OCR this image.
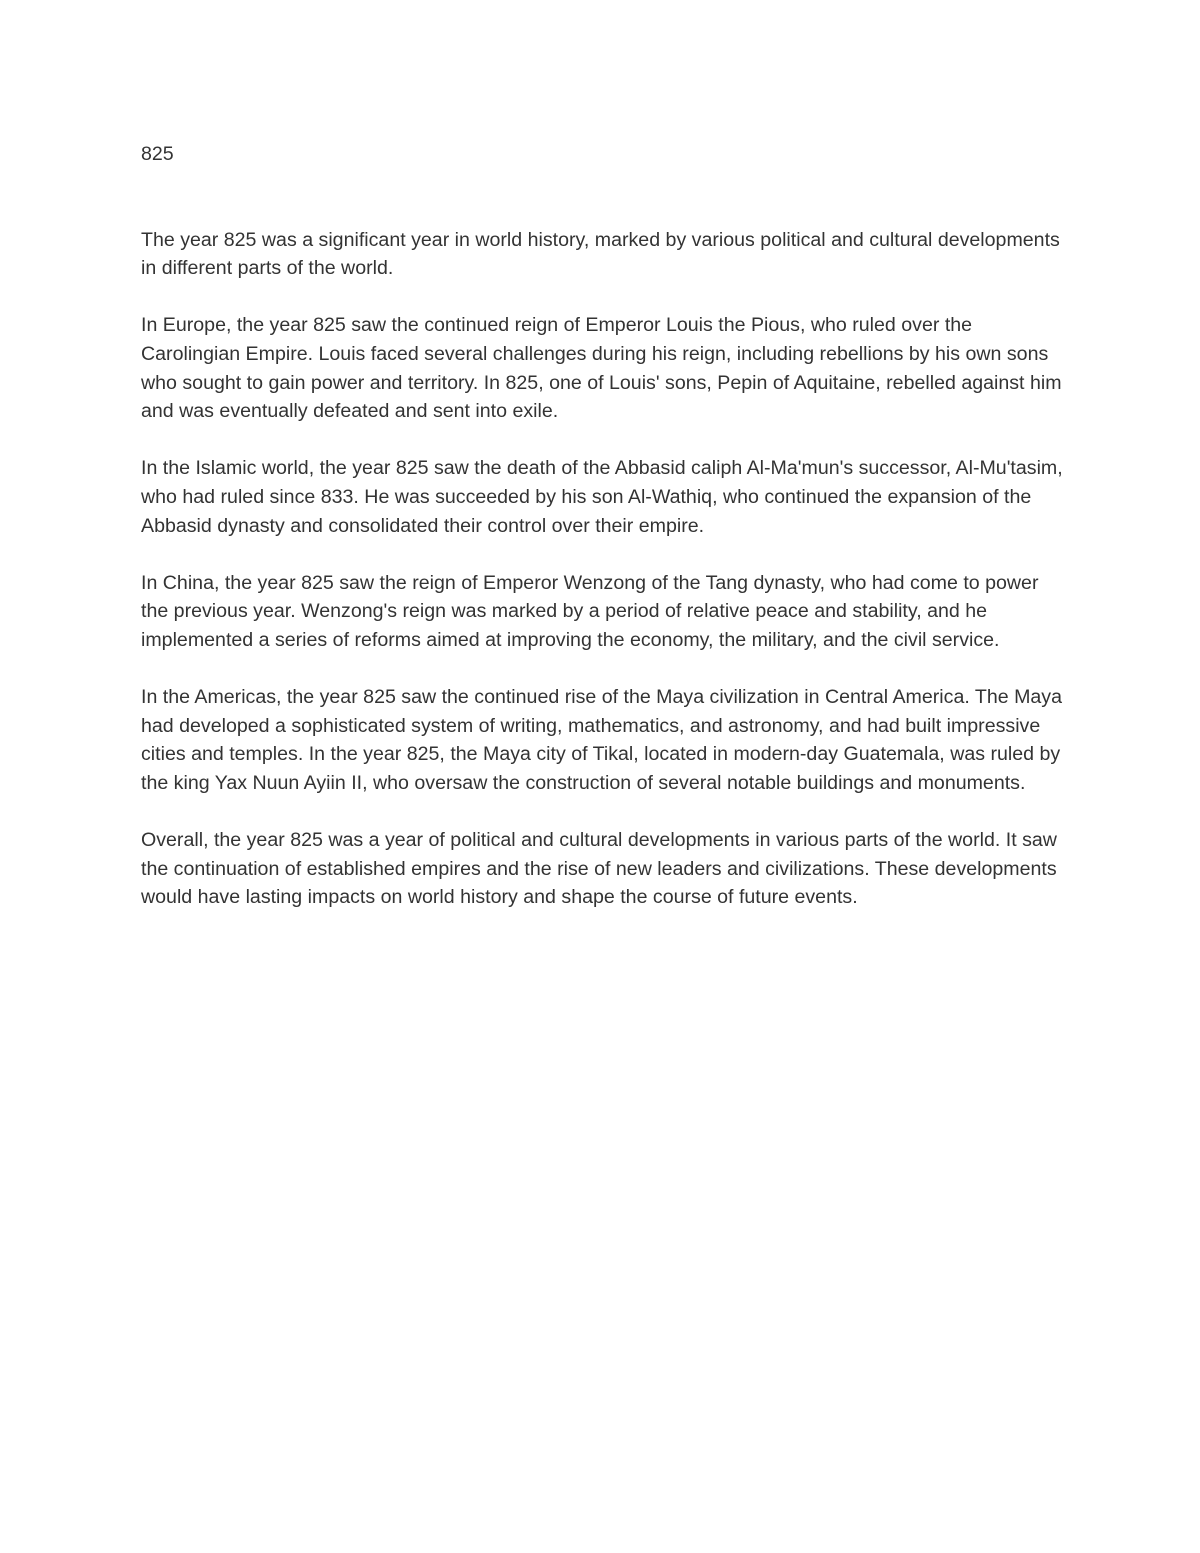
825

The year 825 was a significant year in world history, marked by various political and cultural developments in different parts of the world.

In Europe, the year 825 saw the continued reign of Emperor Louis the Pious, who ruled over the Carolingian Empire. Louis faced several challenges during his reign, including rebellions by his own sons who sought to gain power and territory. In 825, one of Louis' sons, Pepin of Aquitaine, rebelled against him and was eventually defeated and sent into exile.

In the Islamic world, the year 825 saw the death of the Abbasid caliph Al-Ma'mun's successor, Al-Mu'tasim, who had ruled since 833. He was succeeded by his son Al-Wathiq, who continued the expansion of the Abbasid dynasty and consolidated their control over their empire.

In China, the year 825 saw the reign of Emperor Wenzong of the Tang dynasty, who had come to power the previous year. Wenzong's reign was marked by a period of relative peace and stability, and he implemented a series of reforms aimed at improving the economy, the military, and the civil service.

In the Americas, the year 825 saw the continued rise of the Maya civilization in Central America. The Maya had developed a sophisticated system of writing, mathematics, and astronomy, and had built impressive cities and temples. In the year 825, the Maya city of Tikal, located in modern-day Guatemala, was ruled by the king Yax Nuun Ayiin II, who oversaw the construction of several notable buildings and monuments.

Overall, the year 825 was a year of political and cultural developments in various parts of the world. It saw the continuation of established empires and the rise of new leaders and civilizations. These developments would have lasting impacts on world history and shape the course of future events.
